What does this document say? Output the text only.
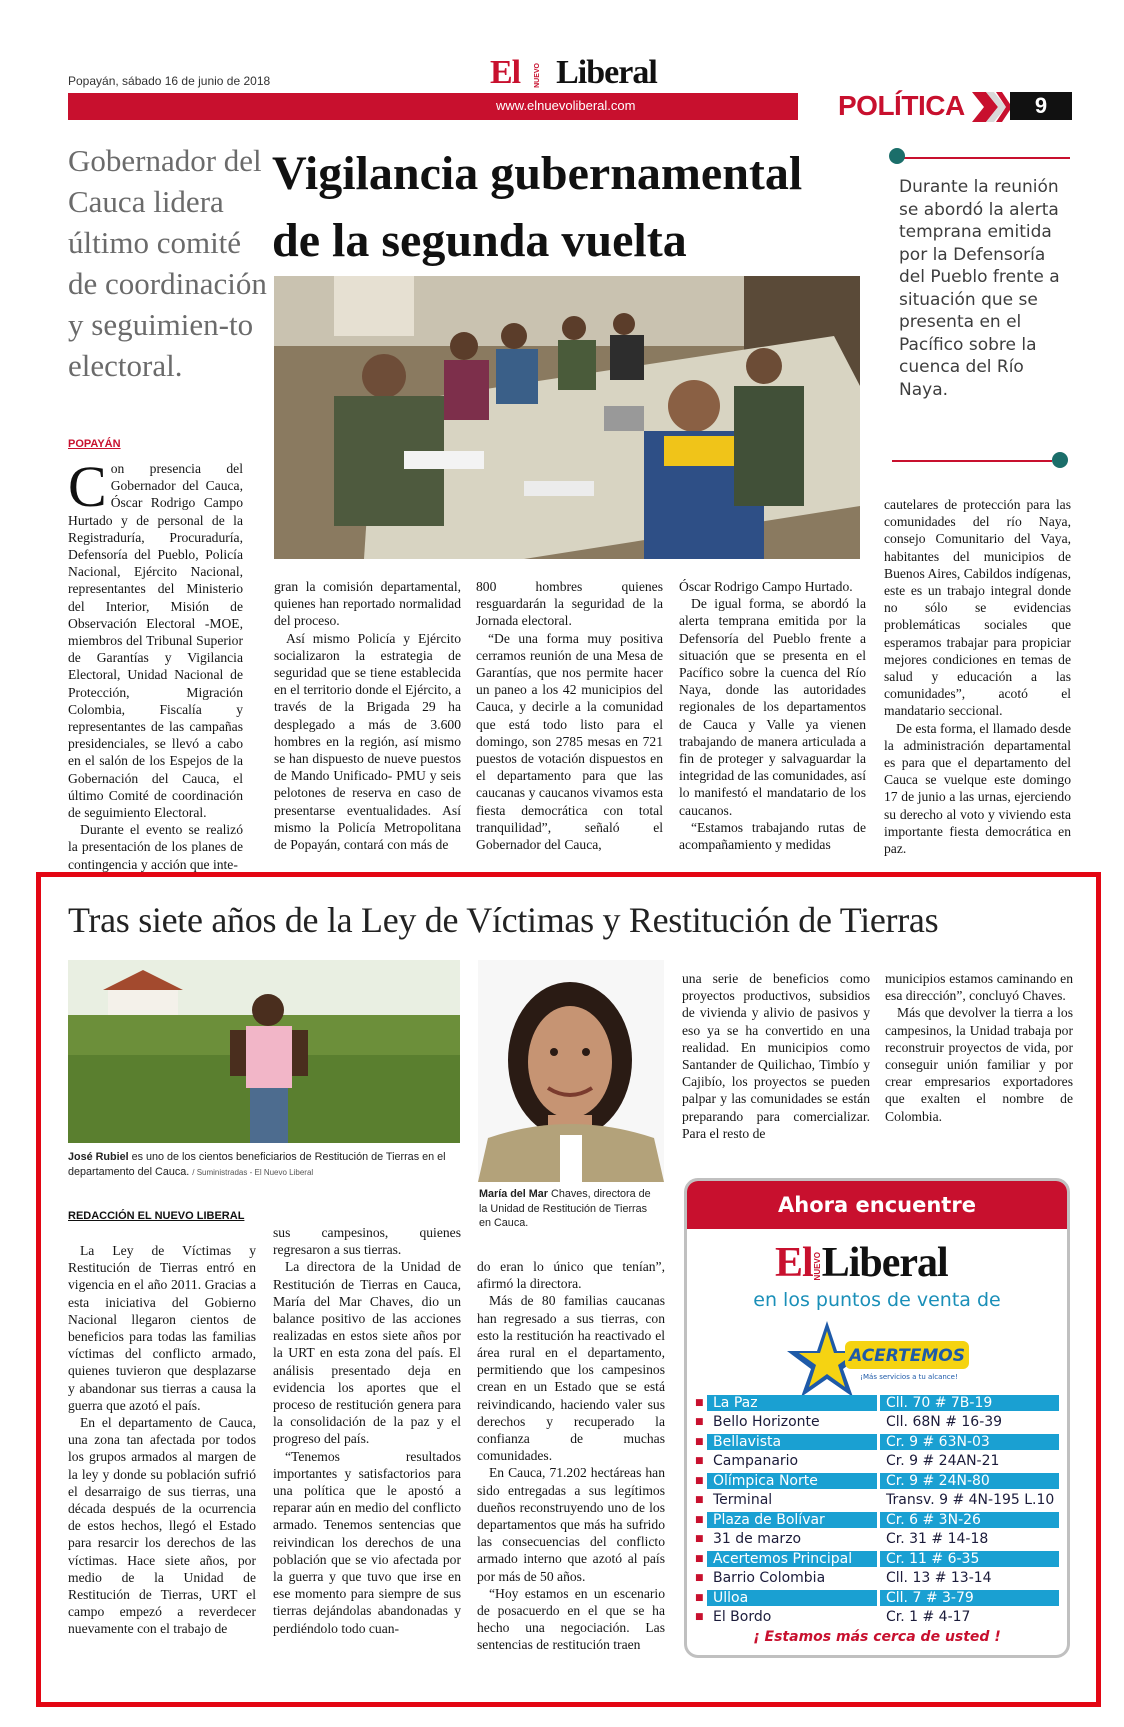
Popayán, sábado 16 de junio de 2018	El NUEVO Liberal
www.elnuevoliberal.com	POLÍTICA	9
Gobernador del Cauca lidera último comité de coordinación y seguimien-to electoral.
Vigilancia gubernamental
de la segunda vuelta
POPAYÁN

Con presencia del Gobernador del Cauca, Óscar Rodrigo Campo Hurtado y de personal de la Registraduría, Procuraduría, Defensoría del Pueblo, Policía Nacional, Ejército Nacional, representantes del Ministerio del Interior, Misión de Observación Electoral -MOE, miembros del Tribunal Superior de Garantías y Vigilancia Electoral, Unidad Nacional de Protección, Migración Colombia, Fiscalía y representantes de las campañas presidenciales, se llevó a cabo en el salón de los Espejos de la Gobernación del Cauca, el último Comité de coordinación de seguimiento Electoral.

Durante el evento se realizó la presentación de los planes de contingencia y acción que inte-

gran la comisión departamental, quienes han reportado normalidad del proceso.

Así mismo Policía y Ejército socializaron la estrategia de seguridad que se tiene establecida en el territorio donde el Ejército, a través de la Brigada 29 ha desplegado a más de 3.600 hombres en la región, así mismo se han dispuesto de nueve puestos de Mando Unificado- PMU y seis pelotones de reserva en caso de presentarse eventualidades. Así mismo la Policía Metropolitana de Popayán, contará con más de

800 hombres quienes resguardarán la seguridad de la Jornada electoral.

“De una forma muy positiva cerramos reunión de una Mesa de Garantías, que nos permite hacer un paneo a los 42 municipios del Cauca, y decirle a la comunidad que está todo listo para el domingo, son 2785 mesas en 721 puestos de votación dispuestos en el departamento para que las caucanas y caucanos vivamos esta fiesta democrática con total tranquilidad”, señaló el Gobernador del Cauca,

Óscar Rodrigo Campo Hurtado.

De igual forma, se abordó la alerta temprana emitida por la Defensoría del Pueblo frente a situación que se presenta en el Pacífico sobre la cuenca del Río Naya, donde las autoridades regionales de los departamentos de Cauca y Valle ya vienen trabajando de manera articulada a fin de proteger y salvaguardar la integridad de las comunidades, así lo manifestó el mandatario de los caucanos.

“Estamos trabajando rutas de acompañamiento y medidas

cautelares de protección para las comunidades del río Naya, consejo Comunitario del Vaya, habitantes del municipios de Buenos Aires, Cabildos indígenas, este es un trabajo integral donde no sólo se evidencias problemáticas sociales que esperamos trabajar para propiciar mejores condiciones en temas de salud y educación a las comunidades”, acotó el mandatario seccional.

De esta forma, el llamado desde la administración departamental es para que el departamento del Cauca se vuelque este domingo 17 de junio a las urnas, ejerciendo su derecho al voto y viviendo esta importante fiesta democrática en paz.

Durante la reunión se abordó la alerta temprana emitida por la Defensoría del Pueblo frente a situación que se presenta en el Pacífico sobre la cuenca del Río Naya.
Tras siete años de la Ley de Víctimas y Restitución de Tierras
José Rubiel es uno de los cientos beneficiarios de Restitución de Tierras en el departamento del Cauca. / Suministradas - El Nuevo Liberal
María del Mar Chaves, directora de la Unidad de Restitución de Tierras en Cauca.
REDACCIÓN EL NUEVO LIBERAL

La Ley de Víctimas y Restitución de Tierras entró en vigencia en el año 2011. Gracias a esta iniciativa del Gobierno Nacional llegaron cientos de beneficios para todas las familias víctimas del conflicto armado, quienes tuvieron que desplazarse y abandonar sus tierras a causa la guerra que azotó el país.

En el departamento de Cauca, una zona tan afectada por todos los grupos armados al margen de la ley y donde su población sufrió el desarraigo de sus tierras, una década después de la ocurrencia de estos hechos, llegó el Estado para resarcir los derechos de las víctimas. Hace siete años, por medio de la Unidad de Restitución de Tierras, URT el campo empezó a reverdecer nuevamente con el trabajo de

sus campesinos, quienes regresaron a sus tierras.

La directora de la Unidad de Restitución de Tierras en Cauca, María del Mar Chaves, dio un balance positivo de las acciones realizadas en estos siete años por la URT en esta zona del país. El análisis presentado deja en evidencia los aportes que el proceso de restitución genera para la consolidación de la paz y el progreso del país.

“Tenemos resultados importantes y satisfactorios para una política que le apostó a reparar aún en medio del conflicto armado. Tenemos sentencias que reivindican los derechos de una población que se vio afectada por la guerra y que tuvo que irse en ese momento para siempre de sus tierras dejándolas abandonadas y perdiéndolo todo cuan-

do eran lo único que tenían”, afirmó la directora.

Más de 80 familias caucanas han regresado a sus tierras, con esto la restitución ha reactivado el área rural en el departamento, permitiendo que los campesinos crean en un Estado que se está reivindicando, haciendo valer sus derechos y recuperado la confianza de muchas comunidades.

En Cauca, 71.202 hectáreas han sido entregadas a sus legítimos dueños reconstruyendo uno de los departamentos que más ha sufrido las consecuencias del conflicto armado interno que azotó al país por más de 50 años.

“Hoy estamos en un escenario de posacuerdo en el que se ha hecho una negociación. Las sentencias de restitución traen

una serie de beneficios como proyectos productivos, subsidios de vivienda y alivio de pasivos y eso ya se ha convertido en una realidad. En municipios como Santander de Quilichao, Timbío y Cajibío, los proyectos se pueden palpar y las comunidades se están preparando para comercializar. Para el resto de

municipios estamos caminando en esa dirección”, concluyó Chaves.

Más que devolver la tierra a los campesinos, la Unidad trabaja por reconstruir proyectos de vida, por conseguir unión familiar y por crear empresarios exportadores que exalten el nombre de Colombia.

Ahora encuentre
ElNUEVOLiberal
en los puntos de venta de
ACERTEMOS
¡Más servicios a tu alcance!
■ La Paz	Cll. 70 # 7B-19
■ Bello Horizonte	Cll. 68N # 16-39
■ Bellavista	Cr. 9 # 63N-03
■ Campanario	Cr. 9 # 24AN-21
■ Olímpica Norte	Cr. 9 # 24N-80
■ Terminal	Transv. 9 # 4N-195 L.10
■ Plaza de Bolívar	Cr. 6 # 3N-26
■ 31 de marzo	Cr. 31 # 14-18
■ Acertemos Principal	Cr. 11 # 6-35
■ Barrio Colombia	Cll. 13 # 13-14
■ Ulloa	Cll. 7 # 3-79
■ El Bordo	Cr. 1 # 4-17
¡ Estamos más cerca de usted !
